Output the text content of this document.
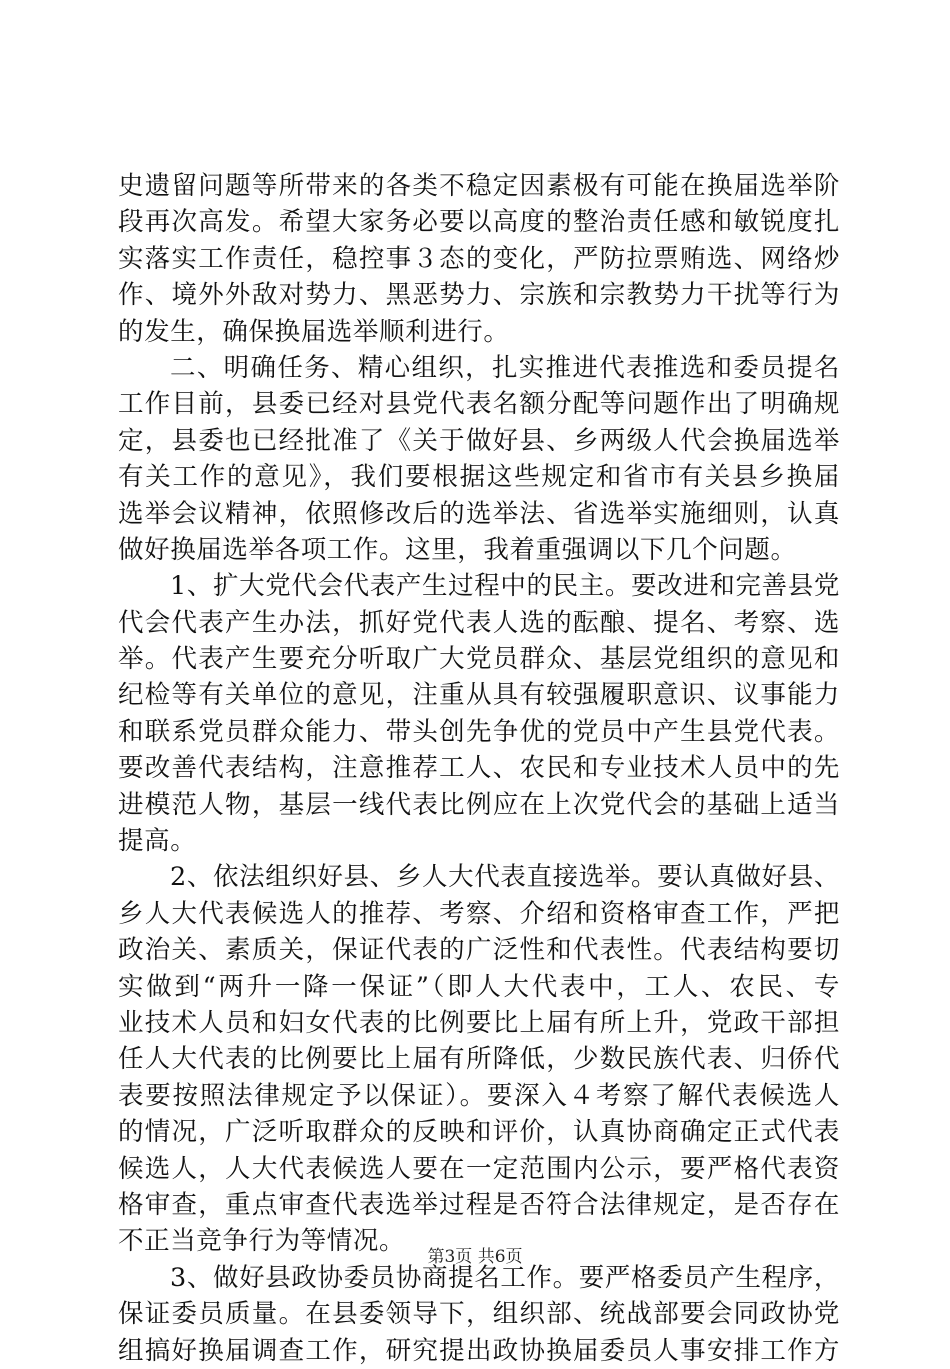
史遗留问题等所带来的各类不稳定因素极有可能在换届选举阶
段再次高发。希望大家务必要以高度的整治责任感和敏锐度扎
实落实工作责任，稳控事３态的变化，严防拉票贿选、网络炒
作、境外外敌对势力、黑恶势力、宗族和宗教势力干扰等行为
的发生，确保换届选举顺利进行。
二、明确任务、精心组织，扎实推进代表推选和委员提名
工作目前，县委已经对县党代表名额分配等问题作出了明确规
定，县委也已经批准了《关于做好县、乡两级人代会换届选举
有关工作的意见》，我们要根据这些规定和省市有关县乡换届
选举会议精神，依照修改后的选举法、省选举实施细则，认真
做好换届选举各项工作。这里，我着重强调以下几个问题。
1、扩大党代会代表产生过程中的民主。要改进和完善县党
代会代表产生办法，抓好党代表人选的酝酿、提名、考察、选
举。代表产生要充分听取广大党员群众、基层党组织的意见和
纪检等有关单位的意见，注重从具有较强履职意识、议事能力
和联系党员群众能力、带头创先争优的党员中产生县党代表。
要改善代表结构，注意推荐工人、农民和专业技术人员中的先
进模范人物，基层一线代表比例应在上次党代会的基础上适当
提高。
2、依法组织好县、乡人大代表直接选举。要认真做好县、
乡人大代表候选人的推荐、考察、介绍和资格审查工作，严把
政治关、素质关，保证代表的广泛性和代表性。代表结构要切
实做到“两升一降一保证”（即人大代表中，工人、农民、专
业技术人员和妇女代表的比例要比上届有所上升，党政干部担
任人大代表的比例要比上届有所降低，少数民族代表、归侨代
表要按照法律规定予以保证）。要深入４考察了解代表候选人
的情况，广泛听取群众的反映和评价，认真协商确定正式代表
候选人，人大代表候选人要在一定范围内公示，要严格代表资
格审查，重点审查代表选举过程是否符合法律规定，是否存在
不正当竞争行为等情况。
3、做好县政协委员协商提名工作。要严格委员产生程序，
保证委员质量。在县委领导下，组织部、统战部要会同政协党
组搞好换届调查工作，研究提出政协换届委员人事安排工作方
第3页 共6页
